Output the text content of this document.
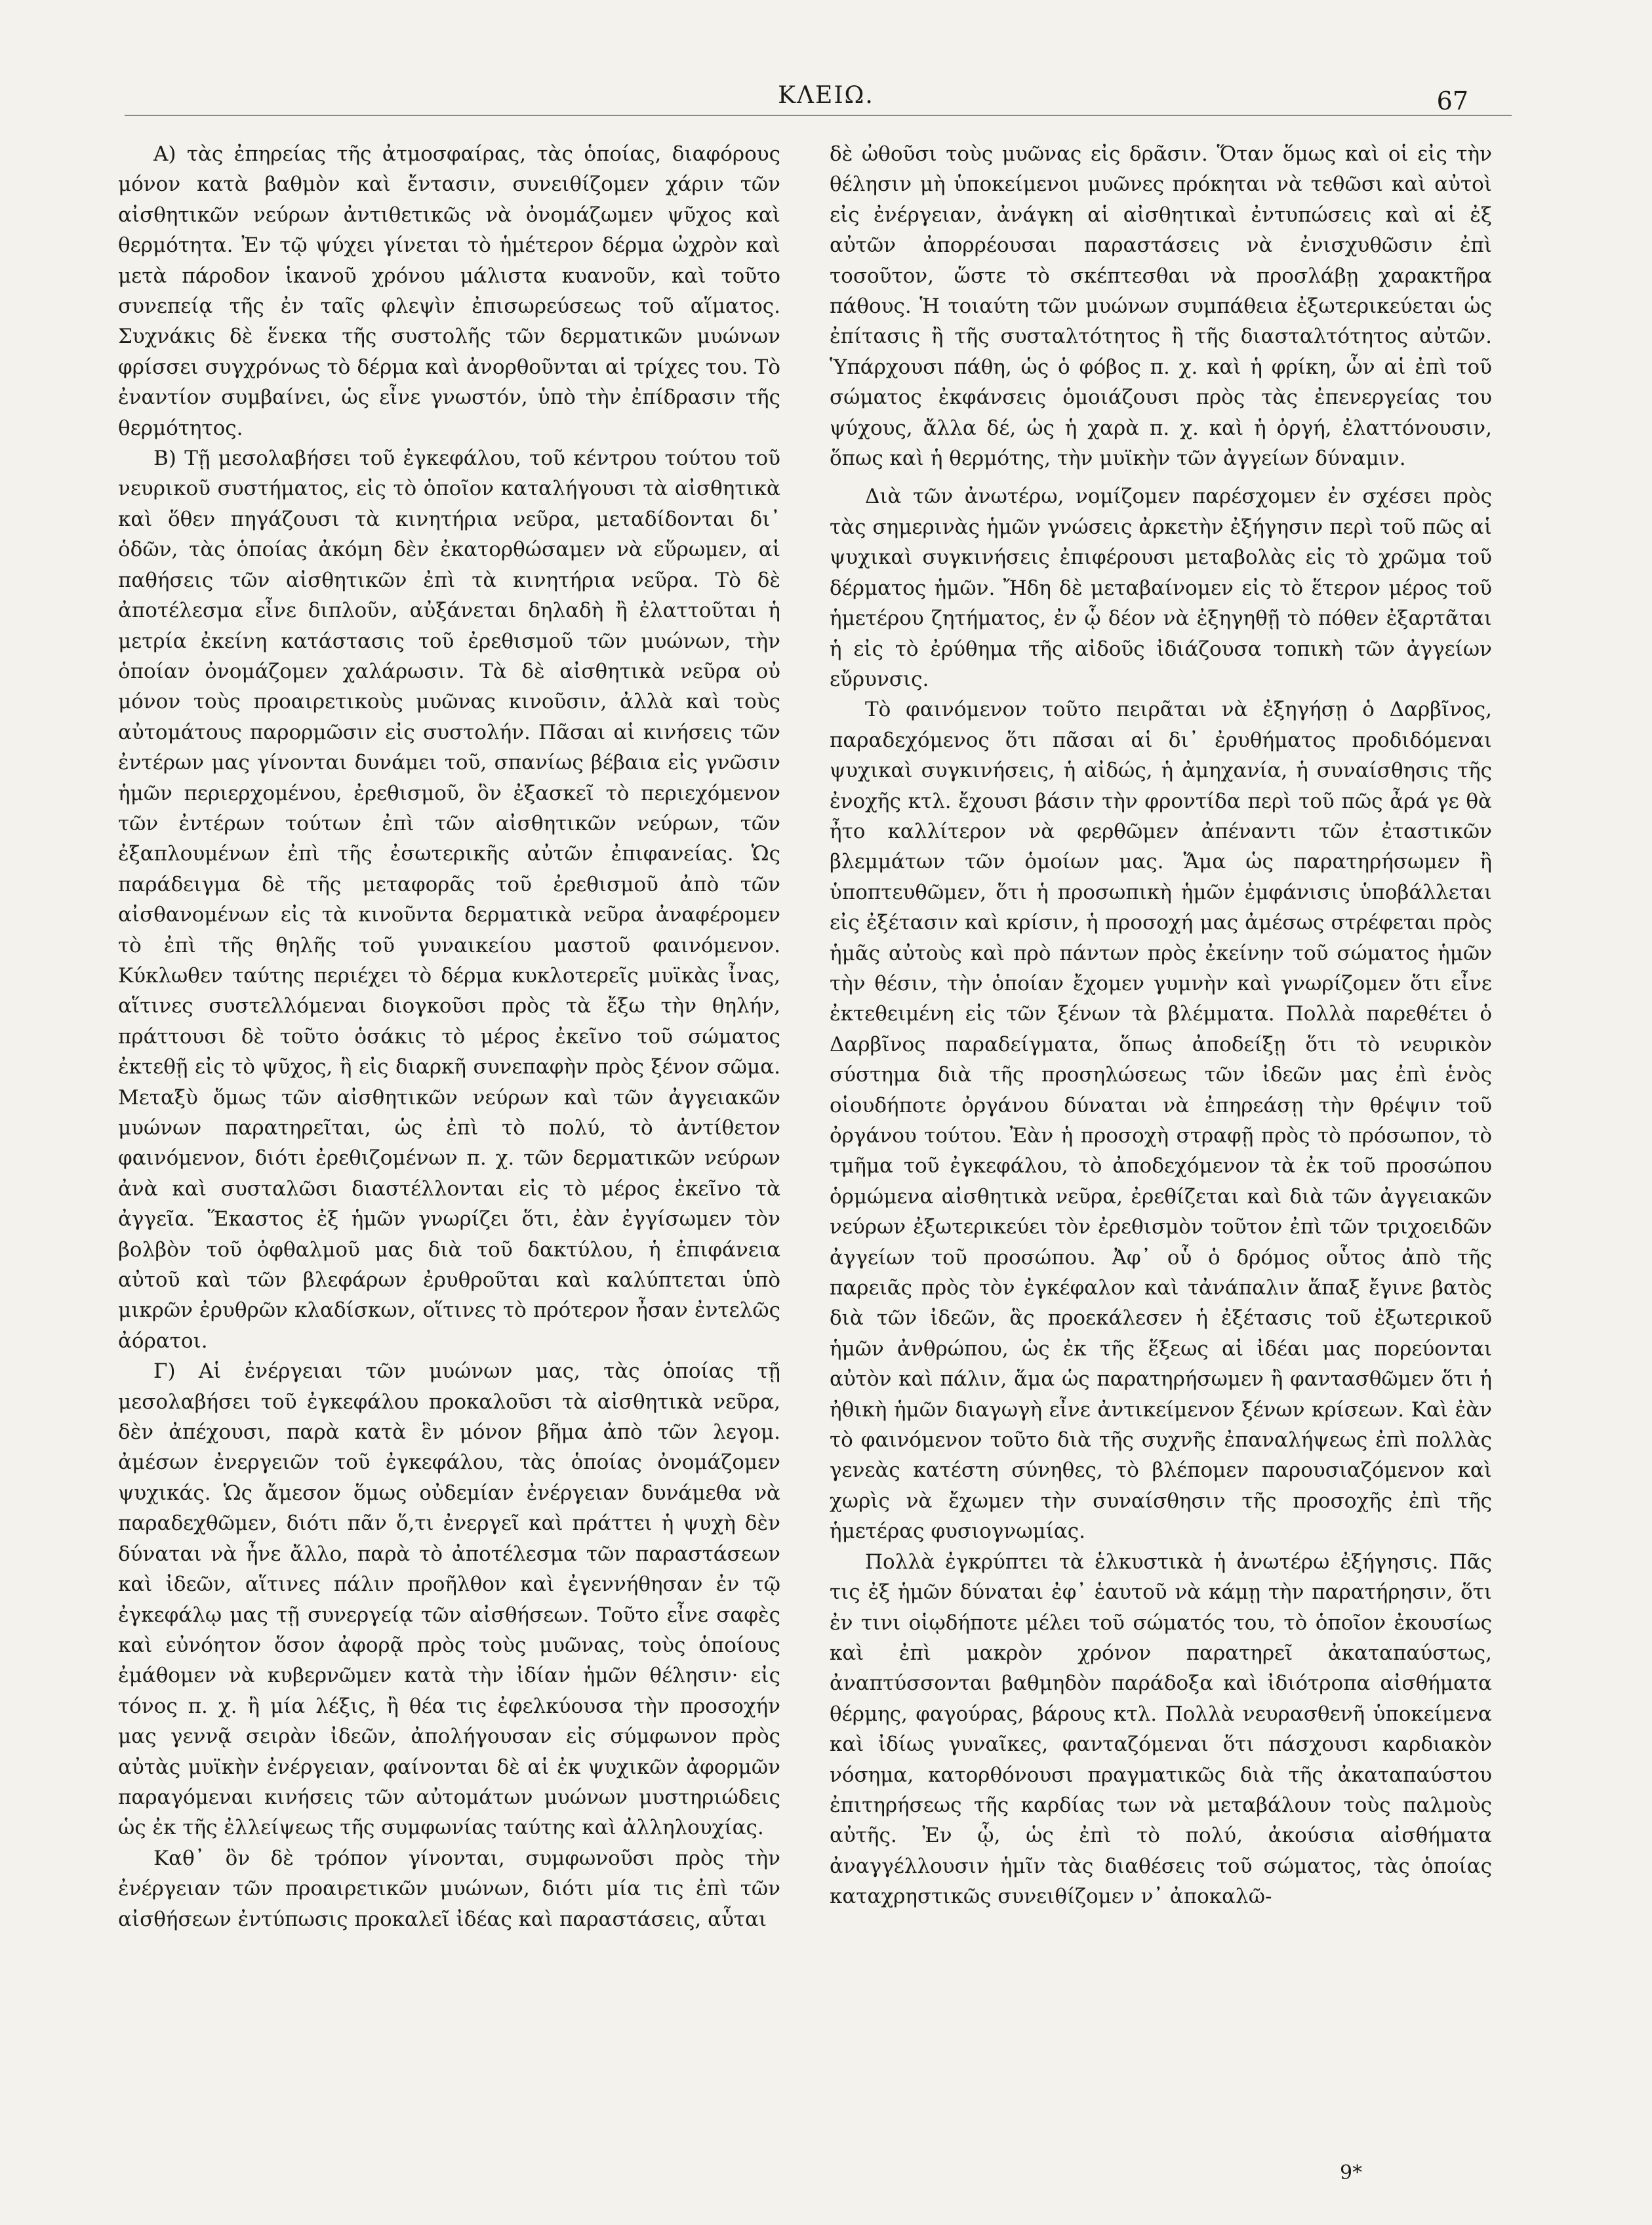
ΚΛΕΙΩ.	67

Α) τὰς ἐπηρείας τῆς ἀτμοσφαίρας, τὰς ὁποίας, διαφόρους μόνον κατὰ βαθμὸν καὶ ἔντασιν, συνειθίζομεν χάριν τῶν αἰσθητικῶν νεύρων ἀντιθετικῶς νὰ ὀνομάζωμεν ψῦχος καὶ θερμότητα. Ἐν τῷ ψύχει γίνεται τὸ ἡμέτερον δέρμα ὠχρὸν καὶ μετὰ πάροδον ἱκανοῦ χρόνου μάλιστα κυανοῦν, καὶ τοῦτο συνεπείᾳ τῆς ἐν ταῖς φλεψὶν ἐπισωρεύσεως τοῦ αἵματος. Συχνάκις δὲ ἕνεκα τῆς συστολῆς τῶν δερματικῶν μυώνων φρίσσει συγχρόνως τὸ δέρμα καὶ ἀνορθοῦνται αἱ τρίχες του. Τὸ ἐναντίον συμβαίνει, ὡς εἶνε γνωστόν, ὑπὸ τὴν ἐπίδρασιν τῆς θερμότητος.

Β) Τῇ μεσολαβήσει τοῦ ἐγκεφάλου, τοῦ κέντρου τούτου τοῦ νευρικοῦ συστήματος, εἰς τὸ ὁποῖον καταλήγουσι τὰ αἰσθητικὰ καὶ ὅθεν πηγάζουσι τὰ κινητήρια νεῦρα, μεταδίδονται δι᾽ ὁδῶν, τὰς ὁποίας ἀκόμη δὲν ἐκατορθώσαμεν νὰ εὕρωμεν, αἱ παθήσεις τῶν αἰσθητικῶν ἐπὶ τὰ κινητήρια νεῦρα. Τὸ δὲ ἀποτέλεσμα εἶνε διπλοῦν, αὐξάνεται δηλαδὴ ἢ ἐλαττοῦται ἡ μετρία ἐκείνη κατάστασις τοῦ ἐρεθισμοῦ τῶν μυώνων, τὴν ὁποίαν ὀνομάζομεν χαλάρωσιν. Τὰ δὲ αἰσθητικὰ νεῦρα οὐ μόνον τοὺς προαιρετικοὺς μυῶνας κινοῦσιν, ἀλλὰ καὶ τοὺς αὐτομάτους παρορμῶσιν εἰς συστολήν. Πᾶσαι αἱ κινήσεις τῶν ἐντέρων μας γίνονται δυνάμει τοῦ, σπανίως βέβαια εἰς γνῶσιν ἡμῶν περιερχομένου, ἐρεθισμοῦ, ὃν ἐξασκεῖ τὸ περιεχόμενον τῶν ἐντέρων τούτων ἐπὶ τῶν αἰσθητικῶν νεύρων, τῶν ἐξαπλουμένων ἐπὶ τῆς ἐσωτερικῆς αὐτῶν ἐπιφανείας. Ὡς παράδειγμα δὲ τῆς μεταφορᾶς τοῦ ἐρεθισμοῦ ἀπὸ τῶν αἰσθανομένων εἰς τὰ κινοῦντα δερματικὰ νεῦρα ἀναφέρομεν τὸ ἐπὶ τῆς θηλῆς τοῦ γυναικείου μαστοῦ φαινόμενον. Κύκλωθεν ταύτης περιέχει τὸ δέρμα κυκλοτερεῖς μυϊκὰς ἶνας, αἵτινες συστελλόμεναι διογκοῦσι πρὸς τὰ ἔξω τὴν θηλήν, πράττουσι δὲ τοῦτο ὁσάκις τὸ μέρος ἐκεῖνο τοῦ σώματος ἐκτεθῇ εἰς τὸ ψῦχος, ἢ εἰς διαρκῆ συνεπαφὴν πρὸς ξένον σῶμα. Μεταξὺ ὅμως τῶν αἰσθητικῶν νεύρων καὶ τῶν ἀγγειακῶν μυώνων παρατηρεῖται, ὡς ἐπὶ τὸ πολύ, τὸ ἀντίθετον φαινόμενον, διότι ἐρεθιζομένων π. χ. τῶν δερματικῶν νεύρων ἀνὰ καὶ συσταλῶσι διαστέλλονται εἰς τὸ μέρος ἐκεῖνο τὰ ἀγγεῖα. Ἕκαστος ἐξ ἡμῶν γνωρίζει ὅτι, ἐὰν ἐγγίσωμεν τὸν βολβὸν τοῦ ὀφθαλμοῦ μας διὰ τοῦ δακτύλου, ἡ ἐπιφάνεια αὐτοῦ καὶ τῶν βλεφάρων ἐρυθροῦται καὶ καλύπτεται ὑπὸ μικρῶν ἐρυθρῶν κλαδίσκων, οἵτινες τὸ πρότερον ἦσαν ἐντελῶς ἀόρατοι.

Γ) Αἱ ἐνέργειαι τῶν μυώνων μας, τὰς ὁποίας τῇ μεσολαβήσει τοῦ ἐγκεφάλου προκαλοῦσι τὰ αἰσθητικὰ νεῦρα, δὲν ἀπέχουσι, παρὰ κατὰ ἓν μόνον βῆμα ἀπὸ τῶν λεγομ. ἀμέσων ἐνεργειῶν τοῦ ἐγκεφάλου, τὰς ὁποίας ὀνομάζομεν ψυχικάς. Ὡς ἄμεσον ὅμως οὐδεμίαν ἐνέργειαν δυνάμεθα νὰ παραδεχθῶμεν, διότι πᾶν ὅ,τι ἐνεργεῖ καὶ πράττει ἡ ψυχὴ δὲν δύναται νὰ ἦνε ἄλλο, παρὰ τὸ ἀποτέλεσμα τῶν παραστάσεων καὶ ἰδεῶν, αἵτινες πάλιν προῆλθον καὶ ἐγεννήθησαν ἐν τῷ ἐγκεφάλῳ μας τῇ συνεργείᾳ τῶν αἰσθήσεων. Τοῦτο εἶνε σαφὲς καὶ εὐνόητον ὅσον ἀφορᾷ πρὸς τοὺς μυῶνας, τοὺς ὁποίους ἐμάθομεν νὰ κυβερνῶμεν κατὰ τὴν ἰδίαν ἡμῶν θέλησιν· εἰς τόνος π. χ. ἢ μία λέξις, ἢ θέα τις ἐφελκύουσα τὴν προσοχήν μας γεννᾷ σειρὰν ἰδεῶν, ἀπολήγουσαν εἰς σύμφωνον πρὸς αὐτὰς μυϊκὴν ἐνέργειαν, φαίνονται δὲ αἱ ἐκ ψυχικῶν ἀφορμῶν παραγόμεναι κινήσεις τῶν αὐτομάτων μυώνων μυστηριώδεις ὡς ἐκ τῆς ἐλλείψεως τῆς συμφωνίας ταύτης καὶ ἀλληλουχίας.

Καθ᾽ ὃν δὲ τρόπον γίνονται, συμφωνοῦσι πρὸς τὴν ἐνέργειαν τῶν προαιρετικῶν μυώνων, διότι μία τις ἐπὶ τῶν αἰσθήσεων ἐντύπωσις προκαλεῖ ἰδέας καὶ παραστάσεις, αὗται

δὲ ὠθοῦσι τοὺς μυῶνας εἰς δρᾶσιν. Ὅταν ὅμως καὶ οἱ εἰς τὴν θέλησιν μὴ ὑποκείμενοι μυῶνες πρόκηται νὰ τεθῶσι καὶ αὐτοὶ εἰς ἐνέργειαν, ἀνάγκη αἱ αἰσθητικαὶ ἐντυπώσεις καὶ αἱ ἐξ αὐτῶν ἀπορρέουσαι παραστάσεις νὰ ἐνισχυθῶσιν ἐπὶ τοσοῦτον, ὥστε τὸ σκέπτεσθαι νὰ προσλάβῃ χαρακτῆρα πάθους. Ἡ τοιαύτη τῶν μυώνων συμπάθεια ἐξωτερικεύεται ὡς ἐπίτασις ἢ τῆς συσταλτότητος ἢ τῆς διασταλτότητος αὐτῶν. Ὑπάρχουσι πάθη, ὡς ὁ φόβος π. χ. καὶ ἡ φρίκη, ὧν αἱ ἐπὶ τοῦ σώματος ἐκφάνσεις ὁμοιάζουσι πρὸς τὰς ἐπενεργείας του ψύχους, ἄλλα δέ, ὡς ἡ χαρὰ π. χ. καὶ ἡ ὀργή, ἐλαττόνουσιν, ὅπως καὶ ἡ θερμότης, τὴν μυϊκὴν τῶν ἀγγείων δύναμιν.

Διὰ τῶν ἀνωτέρω, νομίζομεν παρέσχομεν ἐν σχέσει πρὸς τὰς σημερινὰς ἡμῶν γνώσεις ἀρκετὴν ἐξήγησιν περὶ τοῦ πῶς αἱ ψυχικαὶ συγκινήσεις ἐπιφέρουσι μεταβολὰς εἰς τὸ χρῶμα τοῦ δέρματος ἡμῶν. Ἤδη δὲ μεταβαίνομεν εἰς τὸ ἕτερον μέρος τοῦ ἡμετέρου ζητήματος, ἐν ᾧ δέον νὰ ἐξηγηθῇ τὸ πόθεν ἐξαρτᾶται ἡ εἰς τὸ ἐρύθημα τῆς αἰδοῦς ἰδιάζουσα τοπικὴ τῶν ἀγγείων εὔρυνσις.

Τὸ φαινόμενον τοῦτο πειρᾶται νὰ ἐξηγήσῃ ὁ Δαρβῖνος, παραδεχόμενος ὅτι πᾶσαι αἱ δι᾽ ἐρυθήματος προδιδόμεναι ψυχικαὶ συγκινήσεις, ἡ αἰδώς, ἡ ἀμηχανία, ἡ συναίσθησις τῆς ἐνοχῆς κτλ. ἔχουσι βάσιν τὴν φροντίδα περὶ τοῦ πῶς ἆρά γε θὰ ἦτο καλλίτερον νὰ φερθῶμεν ἀπέναντι τῶν ἐταστικῶν βλεμμάτων τῶν ὁμοίων μας. Ἅμα ὡς παρατηρήσωμεν ἢ ὑποπτευθῶμεν, ὅτι ἡ προσωπικὴ ἡμῶν ἐμφάνισις ὑποβάλλεται εἰς ἐξέτασιν καὶ κρίσιν, ἡ προσοχή μας ἀμέσως στρέφεται πρὸς ἡμᾶς αὐτοὺς καὶ πρὸ πάντων πρὸς ἐκείνην τοῦ σώματος ἡμῶν τὴν θέσιν, τὴν ὁποίαν ἔχομεν γυμνὴν καὶ γνωρίζομεν ὅτι εἶνε ἐκτεθειμένη εἰς τῶν ξένων τὰ βλέμματα. Πολλὰ παρεθέτει ὁ Δαρβῖνος παραδείγματα, ὅπως ἀποδείξῃ ὅτι τὸ νευρικὸν σύστημα διὰ τῆς προσηλώσεως τῶν ἰδεῶν μας ἐπὶ ἑνὸς οἱουδήποτε ὀργάνου δύναται νὰ ἐπηρεάσῃ τὴν θρέψιν τοῦ ὀργάνου τούτου. Ἐὰν ἡ προσοχὴ στραφῇ πρὸς τὸ πρόσωπον, τὸ τμῆμα τοῦ ἐγκεφάλου, τὸ ἀποδεχόμενον τὰ ἐκ τοῦ προσώπου ὁρμώμενα αἰσθητικὰ νεῦρα, ἐρεθίζεται καὶ διὰ τῶν ἀγγειακῶν νεύρων ἐξωτερικεύει τὸν ἐρεθισμὸν τοῦτον ἐπὶ τῶν τριχοειδῶν ἀγγείων τοῦ προσώπου. Ἀφ᾽ οὗ ὁ δρόμος οὗτος ἀπὸ τῆς παρειᾶς πρὸς τὸν ἐγκέφαλον καὶ τἀνάπαλιν ἅπαξ ἔγινε βατὸς διὰ τῶν ἰδεῶν, ἃς προεκάλεσεν ἡ ἐξέτασις τοῦ ἐξωτερικοῦ ἡμῶν ἀνθρώπου, ὡς ἐκ τῆς ἕξεως αἱ ἰδέαι μας πορεύονται αὐτὸν καὶ πάλιν, ἅμα ὡς παρατηρήσωμεν ἢ φαντασθῶμεν ὅτι ἡ ἠθικὴ ἡμῶν διαγωγὴ εἶνε ἀντικείμενον ξένων κρίσεων. Καὶ ἐὰν τὸ φαινόμενον τοῦτο διὰ τῆς συχνῆς ἐπαναλήψεως ἐπὶ πολλὰς γενεὰς κατέστη σύνηθες, τὸ βλέπομεν παρουσιαζόμενον καὶ χωρὶς νὰ ἔχωμεν τὴν συναίσθησιν τῆς προσοχῆς ἐπὶ τῆς ἡμετέρας φυσιογνωμίας.

Πολλὰ ἐγκρύπτει τὰ ἑλκυστικὰ ἡ ἀνωτέρω ἐξήγησις. Πᾶς τις ἐξ ἡμῶν δύναται ἐφ᾽ ἑαυτοῦ νὰ κάμῃ τὴν παρατήρησιν, ὅτι ἐν τινι οἱῳδήποτε μέλει τοῦ σώματός του, τὸ ὁποῖον ἐκουσίως καὶ ἐπὶ μακρὸν χρόνον παρατηρεῖ ἀκαταπαύστως, ἀναπτύσσονται βαθμηδὸν παράδοξα καὶ ἰδιότροπα αἰσθήματα θέρμης, φαγούρας, βάρους κτλ. Πολλὰ νευρασθενῆ ὑποκείμενα καὶ ἰδίως γυναῖκες, φανταζόμεναι ὅτι πάσχουσι καρδιακὸν νόσημα, κατορθόνουσι πραγματικῶς διὰ τῆς ἀκαταπαύστου ἐπιτηρήσεως τῆς καρδίας των νὰ μεταβάλουν τοὺς παλμοὺς αὐτῆς. Ἐν ᾧ, ὡς ἐπὶ τὸ πολύ, ἀκούσια αἰσθήματα ἀναγγέλλουσιν ἡμῖν τὰς διαθέσεις τοῦ σώματος, τὰς ὁποίας καταχρηστικῶς συνειθίζομεν ν᾽ ἀποκαλῶ-

9*
